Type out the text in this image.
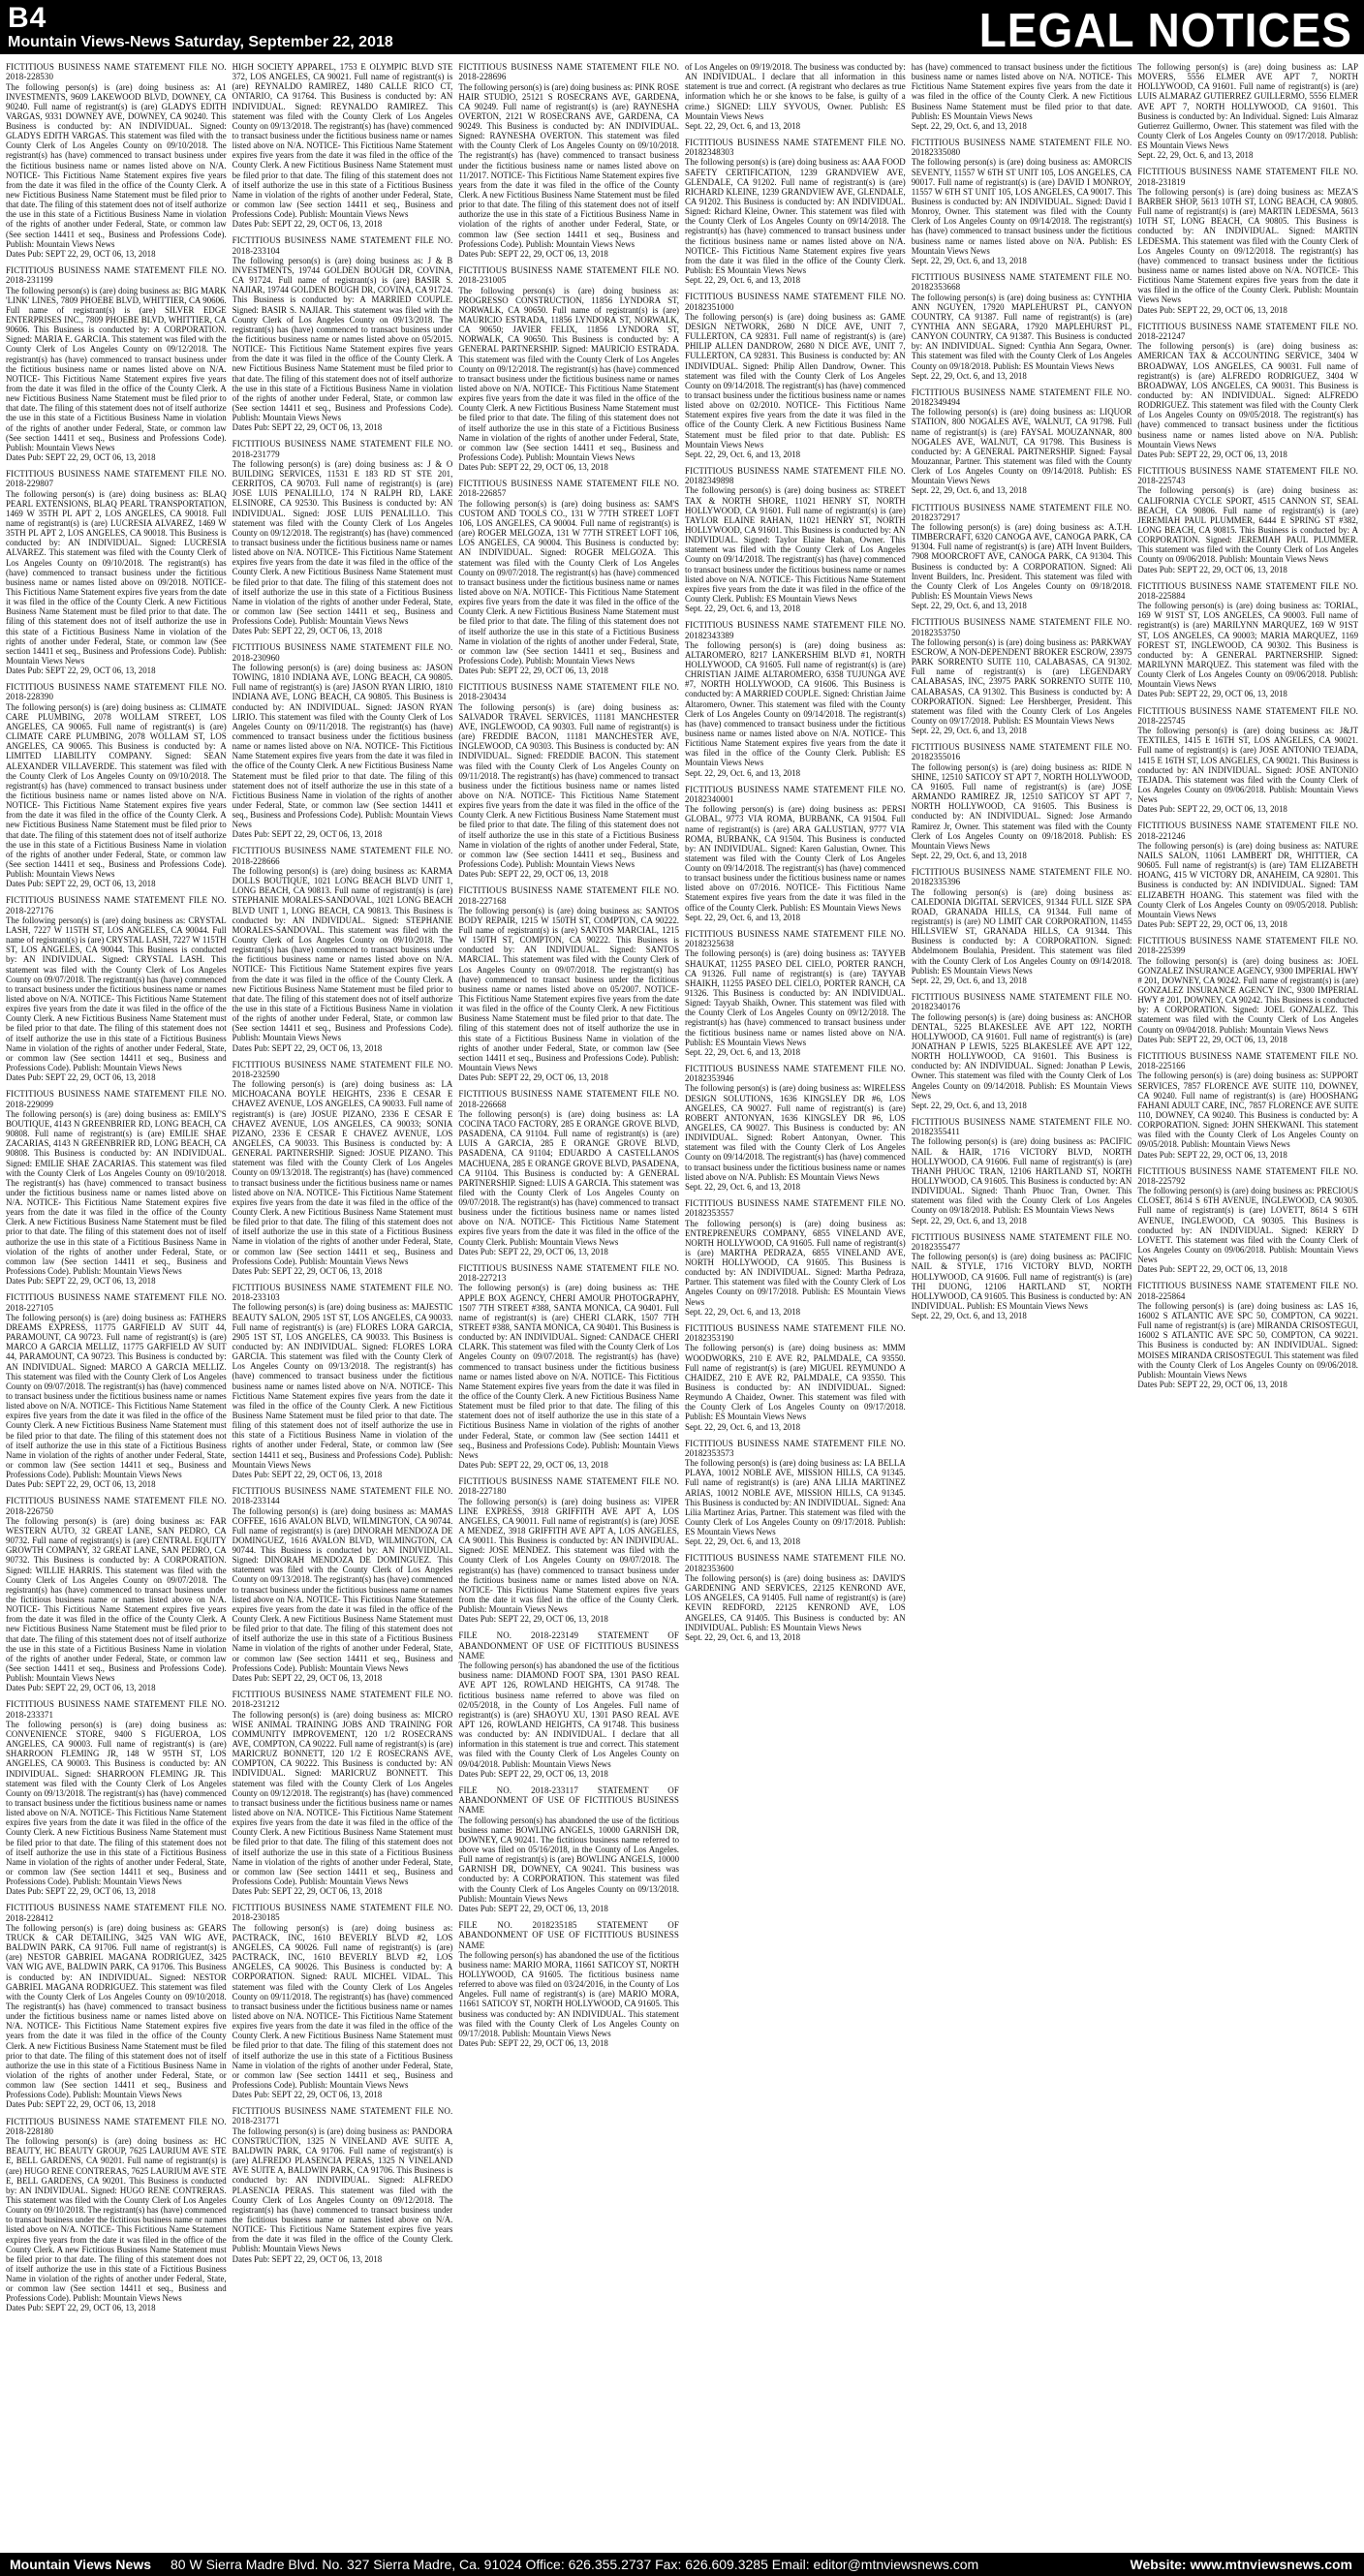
B4
Mountain Views-News Saturday, September 22, 2018	LEGAL NOTICES
FICTITIOUS BUSINESS NAME STATEMENT FILE NO. 2018-228530
The following person(s) is (are) doing business as: A1 INVESTMENTS, 9609 LAKEWOOD BLVD, DOWNEY, CA 90240. Full name of registrant(s) is (are) GLADYS EDITH VARGAS, 9331 DOWNEY AVE, DOWNEY, CA 90240. This Business is conducted by: AN INDIVIDUAL. Signed: GLADYS EDITH VARGAS. This statement was filed with the County Clerk of Los Angeles County on 09/10/2018. The registrant(s) has (have) commenced to transact business under the fictitious business name or names listed above on N/A. NOTICE- This Fictitious Name Statement expires five years from the date it was filed in the office of the County Clerk. A new Fictitious Business Name Statement must be filed prior to that date. The filing of this statement does not of itself authorize the use in this state of a Fictitious Business Name in violation of the rights of another under Federal, State, or common law (See section 14411 et seq., Business and Professions Code). Publish: Mountain Views News
Dates Pub: SEPT 22, 29, OCT 06, 13, 2018
FICTITIOUS BUSINESS NAME STATEMENT FILE NO. 2018-231199
The following person(s) is (are) doing business as: BIG MARK 'LINK' LINES, 7809 PHOEBE BLVD, WHITTIER, CA 90606. Full name of registrant(s) is (are) SILVER EDGE ENTERPRISES INC., 7809 PHOEBE BLVD, WHITTIER, CA 90606. This Business is conducted by: A CORPORATION. Signed: MARIA E. GARCIA. This statement was filed with the County Clerk of Los Angeles County on 09/12/2018. The registrant(s) has (have) commenced to transact business under the fictitious business name or names listed above on N/A. NOTICE- This Fictitious Name Statement expires five years from the date it was filed in the office of the County Clerk. A new Fictitious Business Name Statement must be filed prior to that date. The filing of this statement does not of itself authorize the use in this state of a Fictitious Business Name in violation of the rights of another under Federal, State, or common law (See section 14411 et seq., Business and Professions Code). Publish: Mountain Views News
Dates Pub: SEPT 22, 29, OCT 06, 13, 2018
FICTITIOUS BUSINESS NAME STATEMENT FILE NO. 2018-229807
The following person(s) is (are) doing business as: BLAQ PEARL EXTENSIONS, BLAQ PEARL TRANSPORTATION, 1469 W 35TH PL APT 2, LOS ANGELES, CA 90018. Full name of registrant(s) is (are) LUCRESIA ALVAREZ, 1469 W 35TH PL APT 2, LOS ANGELES, CA 90018. This Business is conducted by: AN INDIVIDUAL. Signed: LUCRESIA ALVAREZ. This statement was filed with the County Clerk of Los Angeles County on 09/10/2018. The registrant(s) has (have) commenced to transact business under the fictitious business name or names listed above on 09/2018. NOTICE- This Fictitious Name Statement expires five years from the date it was filed in the office of the County Clerk. A new Fictitious Business Name Statement must be filed prior to that date. The filing of this statement does not of itself authorize the use in this state of a Fictitious Business Name in violation of the rights of another under Federal, State, or common law (See section 14411 et seq., Business and Professions Code). Publish: Mountain Views News
Dates Pub: SEPT 22, 29, OCT 06, 13, 2018
FICTITIOUS BUSINESS NAME STATEMENT FILE NO. 2018-228390
The following person(s) is (are) doing business as: CLIMATE CARE PLUMBING, 2078 WOLLAM STREET, LOS ANGELES, CA 90065. Full name of registrant(s) is (are) CLIMATE CARE PLUMBING, 2078 WOLLAM ST, LOS ANGELES, CA 90065. This Business is conducted by: A LIMITED LIABILITY COMPANY. Signed: SEAN ALEXANDER VILLAVERDE. This statement was filed with the County Clerk of Los Angeles County on 09/10/2018. The registrant(s) has (have) commenced to transact business under the fictitious business name or names listed above on N/A. NOTICE- This Fictitious Name Statement expires five years from the date it was filed in the office of the County Clerk. A new Fictitious Business Name Statement must be filed prior to that date. The filing of this statement does not of itself authorize the use in this state of a Fictitious Business Name in violation of the rights of another under Federal, State, or common law (See section 14411 et seq., Business and Professions Code). Publish: Mountain Views News
Dates Pub: SEPT 22, 29, OCT 06, 13, 2018
FICTITIOUS BUSINESS NAME STATEMENT FILE NO. 2018-227176
The following person(s) is (are) doing business as: CRYSTAL LASH, 7227 W 115TH ST, LOS ANGELES, CA 90044. Full name of registrant(s) is (are) CRYSTAL LASH, 7227 W 115TH ST, LOS ANGELES, CA 90044. This Business is conducted by: AN INDIVIDUAL. Signed: CRYSTAL LASH. This statement was filed with the County Clerk of Los Angeles County on 09/07/2018. The registrant(s) has (have) commenced to transact business under the fictitious business name or names listed above on N/A. NOTICE- This Fictitious Name Statement expires five years from the date it was filed in the office of the County Clerk. A new Fictitious Business Name Statement must be filed prior to that date. The filing of this statement does not of itself authorize the use in this state of a Fictitious Business Name in violation of the rights of another under Federal, State, or common law (See section 14411 et seq., Business and Professions Code). Publish: Mountain Views News
Dates Pub: SEPT 22, 29, OCT 06, 13, 2018
FICTITIOUS BUSINESS NAME STATEMENT FILE NO. 2018-229099
The following person(s) is (are) doing business as: EMILY'S BOUTIQUE, 4143 N GREENBRIER RD, LONG BEACH, CA 90808. Full name of registrant(s) is (are) EMILIE SHAE ZACARIAS, 4143 N GREENBRIER RD, LONG BEACH, CA 90808. This Business is conducted by: AN INDIVIDUAL. Signed: EMILIE SHAE ZACARIAS. This statement was filed with the County Clerk of Los Angeles County on 09/10/2018. The registrant(s) has (have) commenced to transact business under the fictitious business name or names listed above on N/A. NOTICE- This Fictitious Name Statement expires five years from the date it was filed in the office of the County Clerk. A new Fictitious Business Name Statement must be filed prior to that date. The filing of this statement does not of itself authorize the use in this state of a Fictitious Business Name in violation of the rights of another under Federal, State, or common law (See section 14411 et seq., Business and Professions Code). Publish: Mountain Views News
Dates Pub: SEPT 22, 29, OCT 06, 13, 2018
FICTITIOUS BUSINESS NAME STATEMENT FILE NO. 2018-227105
The following person(s) is (are) doing business as: FATHERS DREAMS EXPRESS, 11775 GARFIELD AV SUIT 44, PARAMOUNT, CA 90723. Full name of registrant(s) is (are) MARCO A GARCIA MELLIZ, 11775 GARFIELD AV SUIT 44, PARAMOUNT, CA 90723. This Business is conducted by: AN INDIVIDUAL. Signed: MARCO A GARCIA MELLIZ. This statement was filed with the County Clerk of Los Angeles County on 09/07/2018. The registrant(s) has (have) commenced to transact business under the fictitious business name or names listed above on N/A. NOTICE- This Fictitious Name Statement expires five years from the date it was filed in the office of the County Clerk. A new Fictitious Business Name Statement must be filed prior to that date. The filing of this statement does not of itself authorize the use in this state of a Fictitious Business Name in violation of the rights of another under Federal, State, or common law (See section 14411 et seq., Business and Professions Code). Publish: Mountain Views News
Dates Pub: SEPT 22, 29, OCT 06, 13, 2018
FICTITIOUS BUSINESS NAME STATEMENT FILE NO. 2018-226750
The following person(s) is (are) doing business as: FAR WESTERN AUTO, 32 GREAT LANE, SAN PEDRO, CA 90732. Full name of registrant(s) is (are) CENTRAL EQUITY GROWTH COMPANY, 32 GREAT LANE, SAN PEDRO, CA 90732. This Business is conducted by: A CORPORATION. Signed: WILLIE HARRIS. This statement was filed with the County Clerk of Los Angeles County on 09/07/2018. The registrant(s) has (have) commenced to transact business under the fictitious business name or names listed above on N/A. NOTICE- This Fictitious Name Statement expires five years from the date it was filed in the office of the County Clerk. A new Fictitious Business Name Statement must be filed prior to that date. The filing of this statement does not of itself authorize the use in this state of a Fictitious Business Name in violation of the rights of another under Federal, State, or common law (See section 14411 et seq., Business and Professions Code). Publish: Mountain Views News
Dates Pub: SEPT 22, 29, OCT 06, 13, 2018
FICTITIOUS BUSINESS NAME STATEMENT FILE NO. 2018-233371
The following person(s) is (are) doing business as: CONVENIENCE STORE, 9400 S FIGUEROA, LOS ANGELES, CA 90003. Full name of registrant(s) is (are) SHARROON FLEMING JR, 148 W 95TH ST, LOS ANGELES, CA 90003. This Business is conducted by: AN INDIVIDUAL. Signed: SHARROON FLEMING JR. This statement was filed with the County Clerk of Los Angeles County on 09/13/2018. The registrant(s) has (have) commenced to transact business under the fictitious business name or names listed above on N/A. NOTICE- This Fictitious Name Statement expires five years from the date it was filed in the office of the County Clerk. A new Fictitious Business Name Statement must be filed prior to that date. The filing of this statement does not of itself authorize the use in this state of a Fictitious Business Name in violation of the rights of another under Federal, State, or common law (See section 14411 et seq., Business and Professions Code). Publish: Mountain Views News
Dates Pub: SEPT 22, 29, OCT 06, 13, 2018
FICTITIOUS BUSINESS NAME STATEMENT FILE NO. 2018-228412
The following person(s) is (are) doing business as: GEARS TRUCK & CAR DETAILING, 3425 VAN WIG AVE, BALDWIN PARK, CA 91706. Full name of registrant(s) is (are) NESTOR GABRIEL MAGANA RODRIGUEZ, 3425 VAN WIG AVE, BALDWIN PARK, CA 91706. This Business is conducted by: AN INDIVIDUAL. Signed: NESTOR GABRIEL MAGANA RODRIGUEZ. This statement was filed with the County Clerk of Los Angeles County on 09/10/2018. The registrant(s) has (have) commenced to transact business under the fictitious business name or names listed above on N/A. NOTICE- This Fictitious Name Statement expires five years from the date it was filed in the office of the County Clerk. A new Fictitious Business Name Statement must be filed prior to that date. The filing of this statement does not of itself authorize the use in this state of a Fictitious Business Name in violation of the rights of another under Federal, State, or common law (See section 14411 et seq., Business and Professions Code). Publish: Mountain Views News
Dates Pub: SEPT 22, 29, OCT 06, 13, 2018
FICTITIOUS BUSINESS NAME STATEMENT FILE NO. 2018-228180
The following person(s) is (are) doing business as: HC BEAUTY, HC BEAUTY GROUP, 7625 LAURIUM AVE STE E, BELL GARDENS, CA 90201. Full name of registrant(s) is (are) HUGO RENE CONTRERAS, 7625 LAURIUM AVE STE E, BELL GARDENS, CA 90201. This Business is conducted by: AN INDIVIDUAL. Signed: HUGO RENE CONTRERAS. This statement was filed with the County Clerk of Los Angeles County on 09/10/2018. The registrant(s) has (have) commenced to transact business under the fictitious business name or names listed above on N/A. NOTICE- This Fictitious Name Statement expires five years from the date it was filed in the office of the County Clerk. A new Fictitious Business Name Statement must be filed prior to that date. The filing of this statement does not of itself authorize the use in this state of a Fictitious Business Name in violation of the rights of another under Federal, State, or common law (See section 14411 et seq., Business and Professions Code). Publish: Mountain Views News
Dates Pub: SEPT 22, 29, OCT 06, 13, 2018
HIGH SOCIETY APPAREL, 1753 E OLYMPIC BLVD STE 372, LOS ANGELES, CA 90021. Full name of registrant(s) is (are) REYNALDO RAMIREZ, 1480 CALLE RICO CT, ONTARIO, CA 91764. This Business is conducted by: AN INDIVIDUAL. Signed: REYNALDO RAMIREZ. This statement was filed with the County Clerk of Los Angeles County on 09/13/2018. The registrant(s) has (have) commenced to transact business under the fictitious business name or names listed above on N/A. NOTICE- This Fictitious Name Statement expires five years from the date it was filed in the office of the County Clerk. A new Fictitious Business Name Statement must be filed prior to that date. The filing of this statement does not of itself authorize the use in this state of a Fictitious Business Name in violation of the rights of another under Federal, State, or common law (See section 14411 et seq., Business and Professions Code). Publish: Mountain Views News
Dates Pub: SEPT 22, 29, OCT 06, 13, 2018
FICTITIOUS BUSINESS NAME STATEMENT FILE NO. 2018-233104
The following person(s) is (are) doing business as: J & B INVESTMENTS, 19744 GOLDEN BOUGH DR, COVINA, CA 91724. Full name of registrant(s) is (are) BASIR S. NAJIAR, 19744 GOLDEN BOUGH DR, COVINA, CA 91724. This Business is conducted by: A MARRIED COUPLE. Signed: BASIR S. NAJIAR. This statement was filed with the County Clerk of Los Angeles County on 09/13/2018. The registrant(s) has (have) commenced to transact business under the fictitious business name or names listed above on 05/2015. NOTICE- This Fictitious Name Statement expires five years from the date it was filed in the office of the County Clerk. A new Fictitious Business Name Statement must be filed prior to that date. The filing of this statement does not of itself authorize the use in this state of a Fictitious Business Name in violation of the rights of another under Federal, State, or common law (See section 14411 et seq., Business and Professions Code). Publish: Mountain Views News
Dates Pub: SEPT 22, 29, OCT 06, 13, 2018
FICTITIOUS BUSINESS NAME STATEMENT FILE NO. 2018-231779
The following person(s) is (are) doing business as: J & O BUILDING SERVICES, 11531 E 183 RD ST STE 201, CERRITOS, CA 90703. Full name of registrant(s) is (are) JOSE LUIS PENALILLO, 174 N RALPH RD, LAKE ELSINORE, CA 92530. This Business is conducted by: AN INDIVIDUAL. Signed: JOSE LUIS PENALILLO. This statement was filed with the County Clerk of Los Angeles County on 09/12/2018. The registrant(s) has (have) commenced to transact business under the fictitious business name or names listed above on N/A. NOTICE- This Fictitious Name Statement expires five years from the date it was filed in the office of the County Clerk. A new Fictitious Business Name Statement must be filed prior to that date. The filing of this statement does not of itself authorize the use in this state of a Fictitious Business Name in violation of the rights of another under Federal, State, or common law (See section 14411 et seq., Business and Professions Code). Publish: Mountain Views News
Dates Pub: SEPT 22, 29, OCT 06, 13, 2018
FICTITIOUS BUSINESS NAME STATEMENT FILE NO. 2018-230960
The following person(s) is (are) doing business as: JASON TOWING, 1810 INDIANA AVE, LONG BEACH, CA 90805. Full name of registrant(s) is (are) JASON RYAN LIRIO, 1810 INDIANA AVE, LONG BEACH, CA 90805. This Business is conducted by: AN INDIVIDUAL. Signed: JASON RYAN LIRIO. This statement was filed with the County Clerk of Los Angeles County on 09/11/2018. The registrant(s) has (have) commenced to transact business under the fictitious business name or names listed above on N/A. NOTICE- This Fictitious Name Statement expires five years from the date it was filed in the office of the County Clerk. A new Fictitious Business Name Statement must be filed prior to that date. The filing of this statement does not of itself authorize the use in this state of a Fictitious Business Name in violation of the rights of another under Federal, State, or common law (See section 14411 et seq., Business and Professions Code). Publish: Mountain Views News
Dates Pub: SEPT 22, 29, OCT 06, 13, 2018
FICTITIOUS BUSINESS NAME STATEMENT FILE NO. 2018-228666
The following person(s) is (are) doing business as: KARMA DOLLS BOUTIQUE, 1021 LONG BEACH BLVD UNIT 1, LONG BEACH, CA 90813. Full name of registrant(s) is (are) STEPHANIE MORALES-SANDOVAL, 1021 LONG BEACH BLVD UNIT 1, LONG BEACH, CA 90813. This Business is conducted by: AN INDIVIDUAL. Signed: STEPHANIE MORALES-SANDOVAL. This statement was filed with the County Clerk of Los Angeles County on 09/10/2018. The registrant(s) has (have) commenced to transact business under the fictitious business name or names listed above on N/A. NOTICE- This Fictitious Name Statement expires five years from the date it was filed in the office of the County Clerk. A new Fictitious Business Name Statement must be filed prior to that date. The filing of this statement does not of itself authorize the use in this state of a Fictitious Business Name in violation of the rights of another under Federal, State, or common law (See section 14411 et seq., Business and Professions Code). Publish: Mountain Views News
Dates Pub: SEPT 22, 29, OCT 06, 13, 2018
FICTITIOUS BUSINESS NAME STATEMENT FILE NO. 2018-232590
The following person(s) is (are) doing business as: LA MICHOACANA BOYLE HEIGHTS, 2336 E CESAR E CHAVEZ AVENUE, LOS ANGELES, CA 90033. Full name of registrant(s) is (are) JOSUE PIZANO, 2336 E CESAR E CHAVEZ AVENUE, LOS ANGELES, CA 90033; SONIA PIZANO, 2336 E CESAR E CHAVEZ AVENUE, LOS ANGELES, CA 90033. This Business is conducted by: A GENERAL PARTNERSHIP. Signed: JOSUE PIZANO. This statement was filed with the County Clerk of Los Angeles County on 09/13/2018. The registrant(s) has (have) commenced to transact business under the fictitious business name or names listed above on N/A. NOTICE- This Fictitious Name Statement expires five years from the date it was filed in the office of the County Clerk. A new Fictitious Business Name Statement must be filed prior to that date. The filing of this statement does not of itself authorize the use in this state of a Fictitious Business Name in violation of the rights of another under Federal, State, or common law (See section 14411 et seq., Business and Professions Code). Publish: Mountain Views News
Dates Pub: SEPT 22, 29, OCT 06, 13, 2018
FICTITIOUS BUSINESS NAME STATEMENT FILE NO. 2018-233103
The following person(s) is (are) doing business as: MAJESTIC BEAUTY SALON, 2905 1ST ST, LOS ANGELES, CA 90033. Full name of registrant(s) is (are) FLORES LORA GARCIA, 2905 1ST ST, LOS ANGELES, CA 90033. This Business is conducted by: AN INDIVIDUAL. Signed: FLORES LORA GARCIA. This statement was filed with the County Clerk of Los Angeles County on 09/13/2018. The registrant(s) has (have) commenced to transact business under the fictitious business name or names listed above on N/A. NOTICE- This Fictitious Name Statement expires five years from the date it was filed in the office of the County Clerk. A new Fictitious Business Name Statement must be filed prior to that date. The filing of this statement does not of itself authorize the use in this state of a Fictitious Business Name in violation of the rights of another under Federal, State, or common law (See section 14411 et seq., Business and Professions Code). Publish: Mountain Views News
Dates Pub: SEPT 22, 29, OCT 06, 13, 2018
FICTITIOUS BUSINESS NAME STATEMENT FILE NO. 2018-233144
The following person(s) is (are) doing business as: MAMAS COFFEE, 1616 AVALON BLVD, WILMINGTON, CA 90744. Full name of registrant(s) is (are) DINORAH MENDOZA DE DOMINGUEZ, 1616 AVALON BLVD, WILMINGTON, CA 90744. This Business is conducted by: AN INDIVIDUAL. Signed: DINORAH MENDOZA DE DOMINGUEZ. This statement was filed with the County Clerk of Los Angeles County on 09/13/2018. The registrant(s) has (have) commenced to transact business under the fictitious business name or names listed above on N/A. NOTICE- This Fictitious Name Statement expires five years from the date it was filed in the office of the County Clerk. A new Fictitious Business Name Statement must be filed prior to that date. The filing of this statement does not of itself authorize the use in this state of a Fictitious Business Name in violation of the rights of another under Federal, State, or common law (See section 14411 et seq., Business and Professions Code). Publish: Mountain Views News
Dates Pub: SEPT 22, 29, OCT 06, 13, 2018
FICTITIOUS BUSINESS NAME STATEMENT FILE NO. 2018-231212
The following person(s) is (are) doing business as: MICRO WISE ANIMAL TRAINING JOBS AND TRAINING FOR COMMUNITY IMPROVEMENT, 120 1/2 ROSECRANS AVE, COMPTON, CA 90222. Full name of registrant(s) is (are) MARICRUZ BONNETT, 120 1/2 E ROSECRANS AVE, COMPTON, CA 90222. This Business is conducted by: AN INDIVIDUAL. Signed: MARICRUZ BONNETT. This statement was filed with the County Clerk of Los Angeles County on 09/12/2018. The registrant(s) has (have) commenced to transact business under the fictitious business name or names listed above on N/A. NOTICE- This Fictitious Name Statement expires five years from the date it was filed in the office of the County Clerk. A new Fictitious Business Name Statement must be filed prior to that date. The filing of this statement does not of itself authorize the use in this state of a Fictitious Business Name in violation of the rights of another under Federal, State, or common law (See section 14411 et seq., Business and Professions Code). Publish: Mountain Views News
Dates Pub: SEPT 22, 29, OCT 06, 13, 2018
FICTITIOUS BUSINESS NAME STATEMENT FILE NO. 2018-230185
The following person(s) is (are) doing business as: PACTRACK, INC, 1610 BEVERLY BLVD #2, LOS ANGELES, CA 90026. Full name of registrant(s) is (are) PACTRACK, INC, 1610 BEVERLY BLVD #2, LOS ANGELES, CA 90026. This Business is conducted by: A CORPORATION. Signed: RAUL MICHEL VIDAL. This statement was filed with the County Clerk of Los Angeles County on 09/11/2018. The registrant(s) has (have) commenced to transact business under the fictitious business name or names listed above on N/A. NOTICE- This Fictitious Name Statement expires five years from the date it was filed in the office of the County Clerk. A new Fictitious Business Name Statement must be filed prior to that date. The filing of this statement does not of itself authorize the use in this state of a Fictitious Business Name in violation of the rights of another under Federal, State, or common law (See section 14411 et seq., Business and Professions Code). Publish: Mountain Views News
Dates Pub: SEPT 22, 29, OCT 06, 13, 2018
FICTITIOUS BUSINESS NAME STATEMENT FILE NO. 2018-231771
The following person(s) is (are) doing business as: PANDORA CONSTRUCTION, 1325 N VINELAND AVE SUITE A, BALDWIN PARK, CA 91706. Full name of registrant(s) is (are) ALFREDO PLASENCIA PERAS, 1325 N VINELAND AVE SUITE A, BALDWIN PARK, CA 91706. This Business is conducted by: AN INDIVIDUAL. Signed: ALFREDO PLASENCIA PERAS. This statement was filed with the County Clerk of Los Angeles County on 09/12/2018. The registrant(s) has (have) commenced to transact business under the fictitious business name or names listed above on N/A. NOTICE- This Fictitious Name Statement expires five years from the date it was filed in the office of the County Clerk. Publish: Mountain Views News
Dates Pub: SEPT 22, 29, OCT 06, 13, 2018
FICTITIOUS BUSINESS NAME STATEMENT FILE NO. 2018-228696
The following person(s) is (are) doing business as: PINK ROSE HAIR STUDIO, 25121 S ROSECRANS AVE, GARDENA, CA 90249. Full name of registrant(s) is (are) RAYNESHA OVERTON, 2121 W ROSECRANS AVE, GARDENA, CA 90249. This Business is conducted by: AN INDIVIDUAL. Signed: RAYNESHA OVERTON. This statement was filed with the County Clerk of Los Angeles County on 09/10/2018. The registrant(s) has (have) commenced to transact business under the fictitious business name or names listed above on 11/2017. NOTICE- This Fictitious Name Statement expires five years from the date it was filed in the office of the County Clerk. A new Fictitious Business Name Statement must be filed prior to that date. The filing of this statement does not of itself authorize the use in this state of a Fictitious Business Name in violation of the rights of another under Federal, State, or common law (See section 14411 et seq., Business and Professions Code). Publish: Mountain Views News
Dates Pub: SEPT 22, 29, OCT 06, 13, 2018
FICTITIOUS BUSINESS NAME STATEMENT FILE NO. 2018-231005
The following person(s) is (are) doing business as: PROGRESSO CONSTRUCTION, 11856 LYNDORA ST, NORWALK, CA 90650. Full name of registrant(s) is (are) MAURICIO ESTRADA, 11856 LYNDORA ST, NORWALK, CA 90650; JAVIER FELIX, 11856 LYNDORA ST, NORWALK, CA 90650. This Business is conducted by: A GENERAL PARTNERSHIP. Signed: MAURICIO ESTRADA. This statement was filed with the County Clerk of Los Angeles County on 09/12/2018. The registrant(s) has (have) commenced to transact business under the fictitious business name or names listed above on N/A. NOTICE- This Fictitious Name Statement expires five years from the date it was filed in the office of the County Clerk. A new Fictitious Business Name Statement must be filed prior to that date. The filing of this statement does not of itself authorize the use in this state of a Fictitious Business Name in violation of the rights of another under Federal, State, or common law (See section 14411 et seq., Business and Professions Code). Publish: Mountain Views News
Dates Pub: SEPT 22, 29, OCT 06, 13, 2018
FICTITIOUS BUSINESS NAME STATEMENT FILE NO. 2018-226857
The following person(s) is (are) doing business as: SAM'S CUSTOM AND TOOLS CO., 131 W 77TH STREET LOFT 106, LOS ANGELES, CA 90004. Full name of registrant(s) is (are) ROGER MELGOZA, 131 W 77TH STREET LOFT 106, LOS ANGELES, CA 90004. This Business is conducted by: AN INDIVIDUAL. Signed: ROGER MELGOZA. This statement was filed with the County Clerk of Los Angeles County on 09/07/2018. The registrant(s) has (have) commenced to transact business under the fictitious business name or names listed above on N/A. NOTICE- This Fictitious Name Statement expires five years from the date it was filed in the office of the County Clerk. A new Fictitious Business Name Statement must be filed prior to that date. The filing of this statement does not of itself authorize the use in this state of a Fictitious Business Name in violation of the rights of another under Federal, State, or common law (See section 14411 et seq., Business and Professions Code). Publish: Mountain Views News
Dates Pub: SEPT 22, 29, OCT 06, 13, 2018
FICTITIOUS BUSINESS NAME STATEMENT FILE NO. 2018-230434
The following person(s) is (are) doing business as: SALVADOR TRAVEL SERVICES, 11181 MANCHESTER AVE, INGLEWOOD, CA 90303. Full name of registrant(s) is (are) FREDDIE BACON, 11181 MANCHESTER AVE, INGLEWOOD, CA 90303. This Business is conducted by: AN INDIVIDUAL. Signed: FREDDIE BACON. This statement was filed with the County Clerk of Los Angeles County on 09/11/2018. The registrant(s) has (have) commenced to transact business under the fictitious business name or names listed above on N/A. NOTICE- This Fictitious Name Statement expires five years from the date it was filed in the office of the County Clerk. A new Fictitious Business Name Statement must be filed prior to that date. The filing of this statement does not of itself authorize the use in this state of a Fictitious Business Name in violation of the rights of another under Federal, State, or common law (See section 14411 et seq., Business and Professions Code). Publish: Mountain Views News
Dates Pub: SEPT 22, 29, OCT 06, 13, 2018
FICTITIOUS BUSINESS NAME STATEMENT FILE NO. 2018-227168
The following person(s) is (are) doing business as: SANTOS BODY REPAIR, 1215 W 150TH ST, COMPTON, CA 90222. Full name of registrant(s) is (are) SANTOS MARCIAL, 1215 W 150TH ST, COMPTON, CA 90222. This Business is conducted by: AN INDIVIDUAL. Signed: SANTOS MARCIAL. This statement was filed with the County Clerk of Los Angeles County on 09/07/2018. The registrant(s) has (have) commenced to transact business under the fictitious business name or names listed above on 05/2007. NOTICE- This Fictitious Name Statement expires five years from the date it was filed in the office of the County Clerk. A new Fictitious Business Name Statement must be filed prior to that date. The filing of this statement does not of itself authorize the use in this state of a Fictitious Business Name in violation of the rights of another under Federal, State, or common law (See section 14411 et seq., Business and Professions Code). Publish: Mountain Views News
Dates Pub: SEPT 22, 29, OCT 06, 13, 2018
FICTITIOUS BUSINESS NAME STATEMENT FILE NO. 2018-226668
The following person(s) is (are) doing business as: LA COCINA TACO FACTORY, 285 E ORANGE GROVE BLVD, PASADENA, CA 91104. Full name of registrant(s) is (are) LUIS A GARCIA, 285 E ORANGE GROVE BLVD, PASADENA, CA 91104; EDUARDO A CASTELLANOS MACHUENA, 285 E ORANGE GROVE BLVD, PASADENA, CA 91104. This Business is conducted by: A GENERAL PARTNERSHIP. Signed: LUIS A GARCIA. This statement was filed with the County Clerk of Los Angeles County on 09/07/2018. The registrant(s) has (have) commenced to transact business under the fictitious business name or names listed above on N/A. NOTICE- This Fictitious Name Statement expires five years from the date it was filed in the office of the County Clerk. Publish: Mountain Views News
Dates Pub: SEPT 22, 29, OCT 06, 13, 2018
FICTITIOUS BUSINESS NAME STATEMENT FILE NO. 2018-227213
The following person(s) is (are) doing business as: THE APPLE BOX AGENCY, CHERI AMOUR PHOTOGRAPHY, 1507 7TH STREET #388, SANTA MONICA, CA 90401. Full name of registrant(s) is (are) CHERI CLARK, 1507 7TH STREET #388, SANTA MONICA, CA 90401. This Business is conducted by: AN INDIVIDUAL. Signed: CANDACE CHERI CLARK. This statement was filed with the County Clerk of Los Angeles County on 09/07/2018. The registrant(s) has (have) commenced to transact business under the fictitious business name or names listed above on N/A. NOTICE- This Fictitious Name Statement expires five years from the date it was filed in the office of the County Clerk. A new Fictitious Business Name Statement must be filed prior to that date. The filing of this statement does not of itself authorize the use in this state of a Fictitious Business Name in violation of the rights of another under Federal, State, or common law (See section 14411 et seq., Business and Professions Code). Publish: Mountain Views News
Dates Pub: SEPT 22, 29, OCT 06, 13, 2018
FICTITIOUS BUSINESS NAME STATEMENT FILE NO. 2018-227180
The following person(s) is (are) doing business as: VIPER LINE EXPRESS, 3918 GRIFFITH AVE APT A, LOS ANGELES, CA 90011. Full name of registrant(s) is (are) JOSE A MENDEZ, 3918 GRIFFITH AVE APT A, LOS ANGELES, CA 90011. This Business is conducted by: AN INDIVIDUAL. Signed: JOSE MENDEZ. This statement was filed with the County Clerk of Los Angeles County on 09/07/2018. The registrant(s) has (have) commenced to transact business under the fictitious business name or names listed above on N/A. NOTICE- This Fictitious Name Statement expires five years from the date it was filed in the office of the County Clerk. Publish: Mountain Views News
Dates Pub: SEPT 22, 29, OCT 06, 13, 2018
FILE NO. 2018-223149 STATEMENT OF ABANDONMENT OF USE OF FICTITIOUS BUSINESS NAME
The following person(s) has abandoned the use of the fictitious business name: DIAMOND FOOT SPA, 1301 PASO REAL AVE APT 126, ROWLAND HEIGHTS, CA 91748. The fictitious business name referred to above was filed on 02/05/2018, in the County of Los Angeles. Full name of registrant(s) is (are) SHAOYU XU, 1301 PASO REAL AVE APT 126, ROWLAND HEIGHTS, CA 91748. This business was conducted by: AN INDIVIDUAL. I declare that all information in this statement is true and correct. This statement was filed with the County Clerk of Los Angeles County on 09/04/2018. Publish: Mountain Views News
Dates Pub: SEPT 22, 29, OCT 06, 13, 2018
FILE NO. 2018-233117 STATEMENT OF ABANDONMENT OF USE OF FICTITIOUS BUSINESS NAME
The following person(s) has abandoned the use of the fictitious business name: BOWLING ANGELS, 10000 GARNISH DR, DOWNEY, CA 90241. The fictitious business name referred to above was filed on 05/16/2018, in the County of Los Angeles. Full name of registrant(s) is (are) BOWLING ANGELS, 10000 GARNISH DR, DOWNEY, CA 90241. This business was conducted by: A CORPORATION. This statement was filed with the County Clerk of Los Angeles County on 09/13/2018. Publish: Mountain Views News
Dates Pub: SEPT 22, 29, OCT 06, 13, 2018
FILE NO. 2018235185 STATEMENT OF ABANDONMENT OF USE OF FICTITIOUS BUSINESS NAME
The following person(s) has abandoned the use of the fictitious business name: MARIO MORA, 11661 SATICOY ST, NORTH HOLLYWOOD, CA 91605. The fictitious business name referred to above was filed on 03/24/2016, in the County of Los Angeles. Full name of registrant(s) is (are) MARIO MORA, 11661 SATICOY ST, NORTH HOLLYWOOD, CA 91605. This business was conducted by: AN INDIVIDUAL. This statement was filed with the County Clerk of Los Angeles County on 09/17/2018. Publish: Mountain Views News
Dates Pub: SEPT 22, 29, OCT 06, 13, 2018
of Los Angeles on 09/19/2018. The business was conducted by: AN INDIVIDUAL. I declare that all information in this statement is true and correct. (A registrant who declares as true information which he or she knows to be false, is guilty of a crime.) SIGNED: LILY SYVOUS, Owner. Publish: ES Mountain Views News
Sept. 22, 29, Oct. 6, and 13, 2018
FICTITIOUS BUSINESS NAME STATEMENT FILE NO. 20182348303
The following person(s) is (are) doing business as: AAA FOOD SAFETY CERTIFICATION, 1239 GRANDVIEW AVE, GLENDALE, CA 91202. Full name of registrant(s) is (are) RICHARD KLEINE, 1239 GRANDVIEW AVE, GLENDALE, CA 91202. This Business is conducted by: AN INDIVIDUAL. Signed: Richard Kleine, Owner. This statement was filed with the County Clerk of Los Angeles County on 09/14/2018. The registrant(s) has (have) commenced to transact business under the fictitious business name or names listed above on N/A. NOTICE- This Fictitious Name Statement expires five years from the date it was filed in the office of the County Clerk. Publish: ES Mountain Views News
Sept. 22, 29, Oct. 6, and 13, 2018
FICTITIOUS BUSINESS NAME STATEMENT FILE NO. 20182351000
The following person(s) is (are) doing business as: GAME DESIGN NETWORK, 2680 N DICE AVE, UNIT 7, FULLERTON, CA 92831. Full name of registrant(s) is (are) PHILIP ALLEN DANDROW, 2680 N DICE AVE, UNIT 7, FULLERTON, CA 92831. This Business is conducted by: AN INDIVIDUAL. Signed: Philip Allen Dandrow, Owner. This statement was filed with the County Clerk of Los Angeles County on 09/14/2018. The registrant(s) has (have) commenced to transact business under the fictitious business name or names listed above on 02/2010. NOTICE- This Fictitious Name Statement expires five years from the date it was filed in the office of the County Clerk. A new Fictitious Business Name Statement must be filed prior to that date. Publish: ES Mountain Views News
Sept. 22, 29, Oct. 6, and 13, 2018
FICTITIOUS BUSINESS NAME STATEMENT FILE NO. 20182349898
The following person(s) is (are) doing business as: STREET TAX & NORTH SHORE, 11021 HENRY ST, NORTH HOLLYWOOD, CA 91601. Full name of registrant(s) is (are) TAYLOR ELAINE RAHAN, 11021 HENRY ST, NORTH HOLLYWOOD, CA 91601. This Business is conducted by: AN INDIVIDUAL. Signed: Taylor Elaine Rahan, Owner. This statement was filed with the County Clerk of Los Angeles County on 09/14/2018. The registrant(s) has (have) commenced to transact business under the fictitious business name or names listed above on N/A. NOTICE- This Fictitious Name Statement expires five years from the date it was filed in the office of the County Clerk. Publish: ES Mountain Views News
Sept. 22, 29, Oct. 6, and 13, 2018
FICTITIOUS BUSINESS NAME STATEMENT FILE NO. 20182343389
The following person(s) is (are) doing business as: ALTAROMERO, 8217 LANKERSHIM BLVD #1, NORTH HOLLYWOOD, CA 91605. Full name of registrant(s) is (are) CHRISTIAN JAIME ALTAROMERO, 6358 TUJUNGA AVE #7, NORTH HOLLYWOOD, CA 91606. This Business is conducted by: A MARRIED COUPLE. Signed: Christian Jaime Altaromero, Owner. This statement was filed with the County Clerk of Los Angeles County on 09/14/2018. The registrant(s) has (have) commenced to transact business under the fictitious business name or names listed above on N/A. NOTICE- This Fictitious Name Statement expires five years from the date it was filed in the office of the County Clerk. Publish: ES Mountain Views News
Sept. 22, 29, Oct. 6, and 13, 2018
FICTITIOUS BUSINESS NAME STATEMENT FILE NO. 20182340001
The following person(s) is (are) doing business as: PERSI GLOBAL, 9773 VIA ROMA, BURBANK, CA 91504. Full name of registrant(s) is (are) ARA GALUSTIAN, 9777 VIA ROMA, BURBANK, CA 91504. This Business is conducted by: AN INDIVIDUAL. Signed: Karen Galustian, Owner. This statement was filed with the County Clerk of Los Angeles County on 09/14/2018. The registrant(s) has (have) commenced to transact business under the fictitious business name or names listed above on 07/2016. NOTICE- This Fictitious Name Statement expires five years from the date it was filed in the office of the County Clerk. Publish: ES Mountain Views News
Sept. 22, 29, Oct. 6, and 13, 2018
FICTITIOUS BUSINESS NAME STATEMENT FILE NO. 20182325638
The following person(s) is (are) doing business as: TAYYEB SHAUKAT, 11255 PASEO DEL CIELO, PORTER RANCH, CA 91326. Full name of registrant(s) is (are) TAYYAB SHAIKH, 11255 PASEO DEL CIELO, PORTER RANCH, CA 91326. This Business is conducted by: AN INDIVIDUAL. Signed: Tayyab Shaikh, Owner. This statement was filed with the County Clerk of Los Angeles County on 09/12/2018. The registrant(s) has (have) commenced to transact business under the fictitious business name or names listed above on N/A. Publish: ES Mountain Views News
Sept. 22, 29, Oct. 6, and 13, 2018
FICTITIOUS BUSINESS NAME STATEMENT FILE NO. 20182353946
The following person(s) is (are) doing business as: WIRELESS DESIGN SOLUTIONS, 1636 KINGSLEY DR #6, LOS ANGELES, CA 90027. Full name of registrant(s) is (are) ROBERT ANTONYAN, 1636 KINGSLEY DR #6, LOS ANGELES, CA 90027. This Business is conducted by: AN INDIVIDUAL. Signed: Robert Antonyan, Owner. This statement was filed with the County Clerk of Los Angeles County on 09/14/2018. The registrant(s) has (have) commenced to transact business under the fictitious business name or names listed above on N/A. Publish: ES Mountain Views News
Sept. 22, 29, Oct. 6, and 13, 2018
FICTITIOUS BUSINESS NAME STATEMENT FILE NO. 20182353557
The following person(s) is (are) doing business as: ENTREPRENEURS COMPANY, 6855 VINELAND AVE, NORTH HOLLYWOOD, CA 91605. Full name of registrant(s) is (are) MARTHA PEDRAZA, 6855 VINELAND AVE, NORTH HOLLYWOOD, CA 91605. This Business is conducted by: AN INDIVIDUAL. Signed: Martha Pedraza, Partner. This statement was filed with the County Clerk of Los Angeles County on 09/17/2018. Publish: ES Mountain Views News
Sept. 22, 29, Oct. 6, and 13, 2018
FICTITIOUS BUSINESS NAME STATEMENT FILE NO. 20182353190
The following person(s) is (are) doing business as: MMM WOODWORKS, 210 E AVE R2, PALMDALE, CA 93550. Full name of registrant(s) is (are) MIGUEL REYMUNDO A CHAIDEZ, 210 E AVE R2, PALMDALE, CA 93550. This Business is conducted by: AN INDIVIDUAL. Signed: Reymundo A Chaidez, Owner. This statement was filed with the County Clerk of Los Angeles County on 09/17/2018. Publish: ES Mountain Views News
Sept. 22, 29, Oct. 6, and 13, 2018
FICTITIOUS BUSINESS NAME STATEMENT FILE NO. 20182353573
The following person(s) is (are) doing business as: LA BELLA PLAYA, 10012 NOBLE AVE, MISSION HILLS, CA 91345. Full name of registrant(s) is (are) ANA LILIA MARTINEZ ARIAS, 10012 NOBLE AVE, MISSION HILLS, CA 91345. This Business is conducted by: AN INDIVIDUAL. Signed: Ana Lilia Martinez Arias, Partner. This statement was filed with the County Clerk of Los Angeles County on 09/17/2018. Publish: ES Mountain Views News
Sept. 22, 29, Oct. 6, and 13, 2018
FICTITIOUS BUSINESS NAME STATEMENT FILE NO. 20182353600
The following person(s) is (are) doing business as: DAVID'S GARDENING AND SERVICES, 22125 KENROND AVE, LOS ANGELES, CA 91405. Full name of registrant(s) is (are) KEVIN REDFORD, 22125 KENROND AVE, LOS ANGELES, CA 91405. This Business is conducted by: AN INDIVIDUAL. Publish: ES Mountain Views News
Sept. 22, 29, Oct. 6, and 13, 2018
has (have) commenced to transact business under the fictitious business name or names listed above on N/A. NOTICE- This Fictitious Name Statement expires five years from the date it was filed in the office of the County Clerk. A new Fictitious Business Name Statement must be filed prior to that date. Publish: ES Mountain Views News
Sept. 22, 29, Oct. 6, and 13, 2018
FICTITIOUS BUSINESS NAME STATEMENT FILE NO. 20182335080
The following person(s) is (are) doing business as: AMORCIS SEVENTY, 11557 W 6TH ST UNIT 105, LOS ANGELES, CA 90017. Full name of registrant(s) is (are) DAVID I MONROY, 11557 W 6TH ST UNIT 105, LOS ANGELES, CA 90017. This Business is conducted by: AN INDIVIDUAL. Signed: David I Monroy, Owner. This statement was filed with the County Clerk of Los Angeles County on 09/14/2018. The registrant(s) has (have) commenced to transact business under the fictitious business name or names listed above on N/A. Publish: ES Mountain Views News
Sept. 22, 29, Oct. 6, and 13, 2018
FICTITIOUS BUSINESS NAME STATEMENT FILE NO. 20182353668
The following person(s) is (are) doing business as: CYNTHIA ANN NGUYEN, 17920 MAPLEHURST PL, CANYON COUNTRY, CA 91387. Full name of registrant(s) is (are) CYNTHIA ANN SEGARA, 17920 MAPLEHURST PL, CANYON COUNTRY, CA 91387. This Business is conducted by: AN INDIVIDUAL. Signed: Cynthia Ann Segara, Owner. This statement was filed with the County Clerk of Los Angeles County on 09/18/2018. Publish: ES Mountain Views News
Sept. 22, 29, Oct. 6, and 13, 2018
FICTITIOUS BUSINESS NAME STATEMENT FILE NO. 20182349494
The following person(s) is (are) doing business as: LIQUOR STATION, 800 NOGALES AVE, WALNUT, CA 91798. Full name of registrant(s) is (are) FAYSAL MOUZANNAR, 800 NOGALES AVE, WALNUT, CA 91798. This Business is conducted by: A GENERAL PARTNERSHIP. Signed: Faysal Mouzannar, Partner. This statement was filed with the County Clerk of Los Angeles County on 09/14/2018. Publish: ES Mountain Views News
Sept. 22, 29, Oct. 6, and 13, 2018
FICTITIOUS BUSINESS NAME STATEMENT FILE NO. 20182372917
The following person(s) is (are) doing business as: A.T.H. TIMBERCRAFT, 6320 CANOGA AVE, CANOGA PARK, CA 91304. Full name of registrant(s) is (are) ATH Invent Builders, 7908 MOORCROFT AVE, CANOGA PARK, CA 91304. This Business is conducted by: A CORPORATION. Signed: Ali Invent Builders, Inc. President. This statement was filed with the County Clerk of Los Angeles County on 09/18/2018. Publish: ES Mountain Views News
Sept. 22, 29, Oct. 6, and 13, 2018
FICTITIOUS BUSINESS NAME STATEMENT FILE NO. 20182353750
The following person(s) is (are) doing business as: PARKWAY ESCROW, A NON-DEPENDENT BROKER ESCROW, 23975 PARK SORRENTO SUITE 110, CALABASAS, CA 91302. Full name of registrant(s) is (are) LEGENDARY CALABASAS, INC, 23975 PARK SORRENTO SUITE 110, CALABASAS, CA 91302. This Business is conducted by: A CORPORATION. Signed: Lee Hershberger, President. This statement was filed with the County Clerk of Los Angeles County on 09/17/2018. Publish: ES Mountain Views News
Sept. 22, 29, Oct. 6, and 13, 2018
FICTITIOUS BUSINESS NAME STATEMENT FILE NO. 20182355016
The following person(s) is (are) doing business as: RIDE N SHINE, 12510 SATICOY ST APT 7, NORTH HOLLYWOOD, CA 91605. Full name of registrant(s) is (are) JOSE ARMANDO RAMIREZ JR, 12510 SATICOY ST APT 7, NORTH HOLLYWOOD, CA 91605. This Business is conducted by: AN INDIVIDUAL. Signed: Jose Armando Ramirez Jr, Owner. This statement was filed with the County Clerk of Los Angeles County on 09/18/2018. Publish: ES Mountain Views News
Sept. 22, 29, Oct. 6, and 13, 2018
FICTITIOUS BUSINESS NAME STATEMENT FILE NO. 20182335396
The following person(s) is (are) doing business as: CALEDONIA DIGITAL SERVICES, 91344 FULL SIZE SPA ROAD, GRANADA HILLS, CA 91344. Full name of registrant(s) is (are) NO LIMIT CAR CORPORATION, 11455 HILLSVIEW ST, GRANADA HILLS, CA 91344. This Business is conducted by: A CORPORATION. Signed: Abdelmonem Boulahia, President. This statement was filed with the County Clerk of Los Angeles County on 09/14/2018. Publish: ES Mountain Views News
Sept. 22, 29, Oct. 6, and 13, 2018
FICTITIOUS BUSINESS NAME STATEMENT FILE NO. 20182340176
The following person(s) is (are) doing business as: ANCHOR DENTAL, 5225 BLAKESLEE AVE APT 122, NORTH HOLLYWOOD, CA 91601. Full name of registrant(s) is (are) JONATHAN P LEWIS, 5225 BLAKESLEE AVE APT 122, NORTH HOLLYWOOD, CA 91601. This Business is conducted by: AN INDIVIDUAL. Signed: Jonathan P Lewis, Owner. This statement was filed with the County Clerk of Los Angeles County on 09/14/2018. Publish: ES Mountain Views News
Sept. 22, 29, Oct. 6, and 13, 2018
FICTITIOUS BUSINESS NAME STATEMENT FILE NO. 20182355411
The following person(s) is (are) doing business as: PACIFIC NAIL & HAIR, 1716 VICTORY BLVD, NORTH HOLLYWOOD, CA 91606. Full name of registrant(s) is (are) THANH PHUOC TRAN, 12106 HARTLAND ST, NORTH HOLLYWOOD, CA 91605. This Business is conducted by: AN INDIVIDUAL. Signed: Thanh Phuoc Tran, Owner. This statement was filed with the County Clerk of Los Angeles County on 09/18/2018. Publish: ES Mountain Views News
Sept. 22, 29, Oct. 6, and 13, 2018
FICTITIOUS BUSINESS NAME STATEMENT FILE NO. 20182355477
The following person(s) is (are) doing business as: PACIFIC NAIL & STYLE, 1716 VICTORY BLVD, NORTH HOLLYWOOD, CA 91606. Full name of registrant(s) is (are) THI DUONG, 12106 HARTLAND ST, NORTH HOLLYWOOD, CA 91605. This Business is conducted by: AN INDIVIDUAL. Publish: ES Mountain Views News
Sept. 22, 29, Oct. 6, and 13, 2018
The following person(s) is (are) doing business as: LAP MOVERS, 5556 ELMER AVE APT 7, NORTH HOLLYWOOD, CA 91601. Full name of registrant(s) is (are) LUIS ALMARAZ GUTIERREZ GUILLERMO, 5556 ELMER AVE APT 7, NORTH HOLLYWOOD, CA 91601. This Business is conducted by: An Individual. Signed: Luis Almaraz Gutierrez Guillermo, Owner. This statement was filed with the County Clerk of Los Angeles County on 09/17/2018. Publish: ES Mountain Views News
Sept. 22, 29, Oct. 6, and 13, 2018
FICTITIOUS BUSINESS NAME STATEMENT FILE NO. 2018-231819
The following person(s) is (are) doing business as: MEZA'S BARBER SHOP, 5613 10TH ST, LONG BEACH, CA 90805. Full name of registrant(s) is (are) MARTIN LEDESMA, 5613 10TH ST, LONG BEACH, CA 90805. This Business is conducted by: AN INDIVIDUAL. Signed: MARTIN LEDESMA. This statement was filed with the County Clerk of Los Angeles County on 09/12/2018. The registrant(s) has (have) commenced to transact business under the fictitious business name or names listed above on N/A. NOTICE- This Fictitious Name Statement expires five years from the date it was filed in the office of the County Clerk. Publish: Mountain Views News
Dates Pub: SEPT 22, 29, OCT 06, 13, 2018
FICTITIOUS BUSINESS NAME STATEMENT FILE NO. 2018-221247
The following person(s) is (are) doing business as: AMERICAN TAX & ACCOUNTING SERVICE, 3404 W BROADWAY, LOS ANGELES, CA 90031. Full name of registrant(s) is (are) ALFREDO RODRIGUEZ, 3404 W BROADWAY, LOS ANGELES, CA 90031. This Business is conducted by: AN INDIVIDUAL. Signed: ALFREDO RODRIGUEZ. This statement was filed with the County Clerk of Los Angeles County on 09/05/2018. The registrant(s) has (have) commenced to transact business under the fictitious business name or names listed above on N/A. Publish: Mountain Views News
Dates Pub: SEPT 22, 29, OCT 06, 13, 2018
FICTITIOUS BUSINESS NAME STATEMENT FILE NO. 2018-225743
The following person(s) is (are) doing business as: CALIFORNIA CYCLE SPORT, 4515 CANNON ST, SEAL BEACH, CA 90806. Full name of registrant(s) is (are) JEREMIAH PAUL PLUMMER, 6444 E SPRING ST #382, LONG BEACH, CA 90815. This Business is conducted by: A CORPORATION. Signed: JEREMIAH PAUL PLUMMER. This statement was filed with the County Clerk of Los Angeles County on 09/06/2018. Publish: Mountain Views News
Dates Pub: SEPT 22, 29, OCT 06, 13, 2018
FICTITIOUS BUSINESS NAME STATEMENT FILE NO. 2018-225884
The following person(s) is (are) doing business as: TORIAL, 169 W 91ST ST, LOS ANGELES, CA 90003. Full name of registrant(s) is (are) MARILYNN MARQUEZ, 169 W 91ST ST, LOS ANGELES, CA 90003; MARIA MARQUEZ, 1169 FOREST ST, INGLEWOOD, CA 90302. This Business is conducted by: A GENERAL PARTNERSHIP. Signed: MARILYNN MARQUEZ. This statement was filed with the County Clerk of Los Angeles County on 09/06/2018. Publish: Mountain Views News
Dates Pub: SEPT 22, 29, OCT 06, 13, 2018
FICTITIOUS BUSINESS NAME STATEMENT FILE NO. 2018-225745
The following person(s) is (are) doing business as: J&JT TEXTILES, 1415 E 16TH ST, LOS ANGELES, CA 90021. Full name of registrant(s) is (are) JOSE ANTONIO TEJADA, 1415 E 16TH ST, LOS ANGELES, CA 90021. This Business is conducted by: AN INDIVIDUAL. Signed: JOSE ANTONIO TEJADA. This statement was filed with the County Clerk of Los Angeles County on 09/06/2018. Publish: Mountain Views News
Dates Pub: SEPT 22, 29, OCT 06, 13, 2018
FICTITIOUS BUSINESS NAME STATEMENT FILE NO. 2018-221246
The following person(s) is (are) doing business as: NATURE NAILS SALON, 11061 LAMBERT DR, WHITTIER, CA 90605. Full name of registrant(s) is (are) TAM ELIZABETH HOANG, 415 W VICTORY DR, ANAHEIM, CA 92801. This Business is conducted by: AN INDIVIDUAL. Signed: TAM ELIZABETH HOANG. This statement was filed with the County Clerk of Los Angeles County on 09/05/2018. Publish: Mountain Views News
Dates Pub: SEPT 22, 29, OCT 06, 13, 2018
FICTITIOUS BUSINESS NAME STATEMENT FILE NO. 2018-225399
The following person(s) is (are) doing business as: JOEL GONZALEZ INSURANCE AGENCY, 9300 IMPERIAL HWY # 201, DOWNEY, CA 90242. Full name of registrant(s) is (are) GONZALEZ INSURANCE AGENCY INC, 9300 IMPERIAL HWY # 201, DOWNEY, CA 90242. This Business is conducted by: A CORPORATION. Signed: JOEL GONZALEZ. This statement was filed with the County Clerk of Los Angeles County on 09/04/2018. Publish: Mountain Views News
Dates Pub: SEPT 22, 29, OCT 06, 13, 2018
FICTITIOUS BUSINESS NAME STATEMENT FILE NO. 2018-225166
The following person(s) is (are) doing business as: SUPPORT SERVICES, 7857 FLORENCE AVE SUITE 110, DOWNEY, CA 90240. Full name of registrant(s) is (are) HOOSHANG FAHANI ADULT CARE, INC, 7857 FLORENCE AVE SUITE 110, DOWNEY, CA 90240. This Business is conducted by: A CORPORATION. Signed: JOHN SHEKWANI. This statement was filed with the County Clerk of Los Angeles County on 09/05/2018. Publish: Mountain Views News
Dates Pub: SEPT 22, 29, OCT 06, 13, 2018
FICTITIOUS BUSINESS NAME STATEMENT FILE NO. 2018-225792
The following person(s) is (are) doing business as: PRECIOUS CLOSET, 8614 S 6TH AVENUE, INGLEWOOD, CA 90305. Full name of registrant(s) is (are) LOVETT, 8614 S 6TH AVENUE, INGLEWOOD, CA 90305. This Business is conducted by: AN INDIVIDUAL. Signed: KERRY D LOVETT. This statement was filed with the County Clerk of Los Angeles County on 09/06/2018. Publish: Mountain Views News
Dates Pub: SEPT 22, 29, OCT 06, 13, 2018
FICTITIOUS BUSINESS NAME STATEMENT FILE NO. 2018-225864
The following person(s) is (are) doing business as: LAS 16, 16002 S ATLANTIC AVE SPC 50, COMPTON, CA 90221. Full name of registrant(s) is (are) MIRANDA CRISOSTEGUI, 16002 S ATLANTIC AVE SPC 50, COMPTON, CA 90221. This Business is conducted by: AN INDIVIDUAL. Signed: MOISES MIRANDA CRISOSTEGUI. This statement was filed with the County Clerk of Los Angeles County on 09/06/2018. Publish: Mountain Views News
Dates Pub: SEPT 22, 29, OCT 06, 13, 2018
Mountain Views News 80 W Sierra Madre Blvd. No. 327 Sierra Madre, Ca. 91024 Office: 626.355.2737 Fax: 626.609.3285 Email: editor@mtnviewsnews.com	Website: www.mtnviewsnews.com
